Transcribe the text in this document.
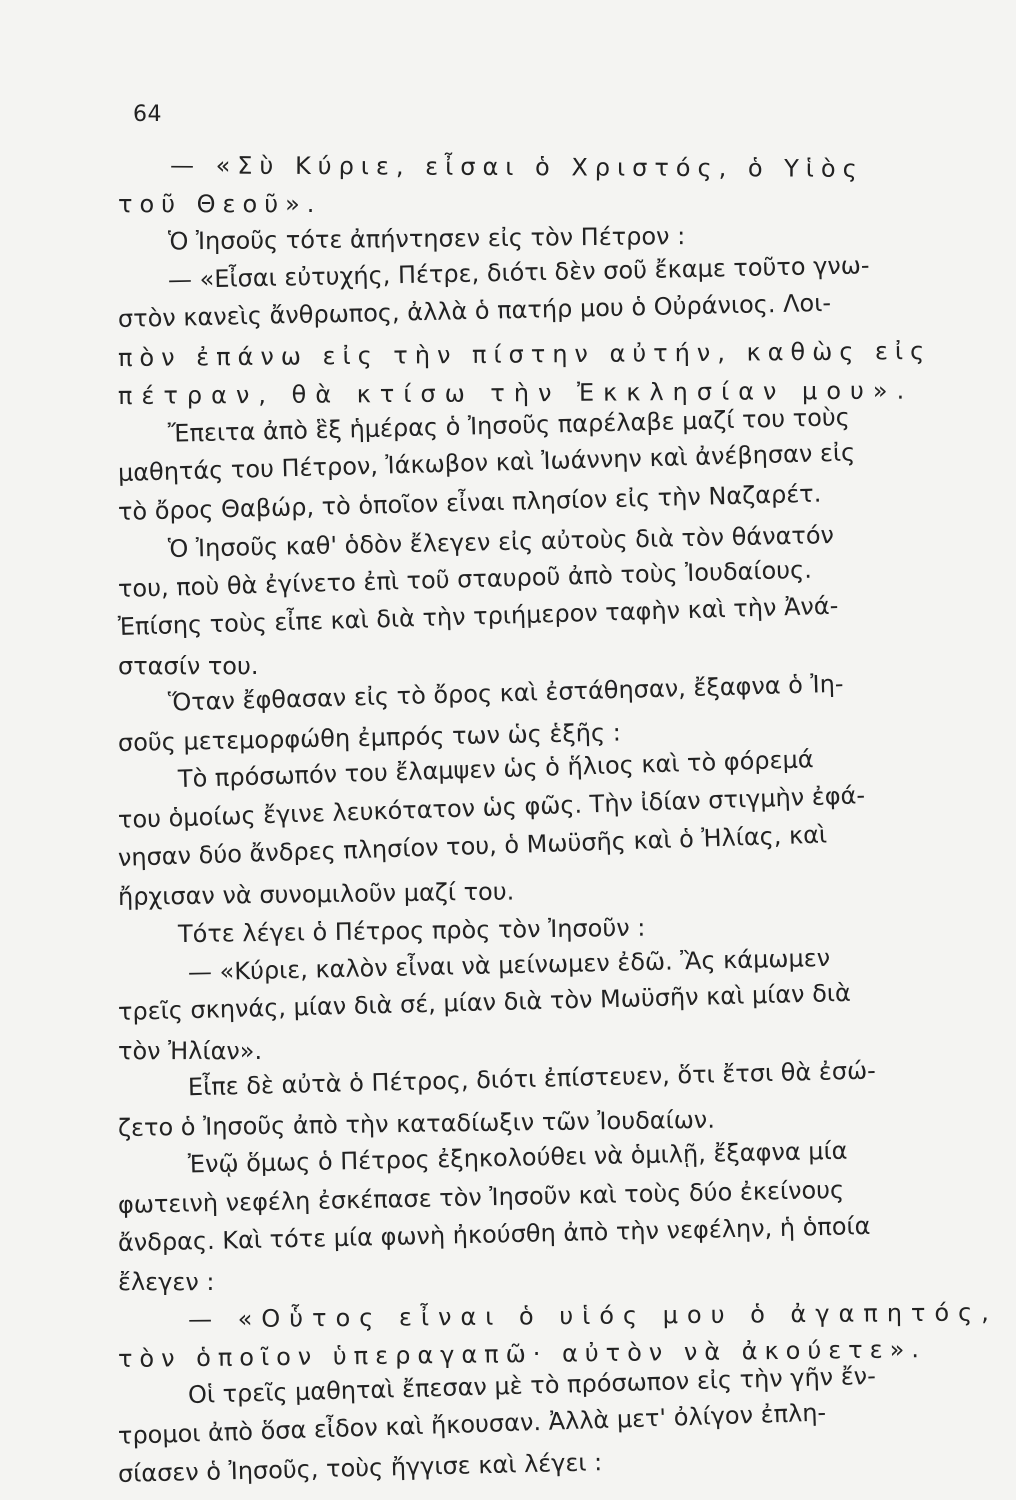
64
— «Σὺ Κύριε, εἶσαι ὁ Χριστός, ὁ Υἱὸς
τοῦ Θεοῦ».
Ὁ Ἰησοῦς τότε ἀπήντησεν εἰς τὸν Πέτρον :
— «Εἶσαι εὐτυχής, Πέτρε, διότι δὲν σοῦ ἔκαμε τοῦτο γνω-
στὸν κανεὶς ἄνθρωπος, ἀλλὰ ὁ πατήρ μου ὁ Οὐράνιος. Λοι-
πὸν ἐπάνω εἰς τὴν πίστην αὐτήν, καθὼς εἰς
πέτραν, θὰ κτίσω τὴν Ἐκκλησίαν μου».
Ἔπειτα ἀπὸ ἓξ ἡμέρας ὁ Ἰησοῦς παρέλαβε μαζί του τοὺς
μαθητάς του Πέτρον, Ἰάκωβον καὶ Ἰωάννην καὶ ἀνέβησαν εἰς
τὸ ὄρος Θαβώρ, τὸ ὁποῖον εἶναι πλησίον εἰς τὴν Ναζαρέτ.
Ὁ Ἰησοῦς καθ' ὁδὸν ἔλεγεν εἰς αὐτοὺς διὰ τὸν θάνατόν
του, ποὺ θὰ ἐγίνετο ἐπὶ τοῦ σταυροῦ ἀπὸ τοὺς Ἰουδαίους.
Ἐπίσης τοὺς εἶπε καὶ διὰ τὴν τριήμερον ταφὴν καὶ τὴν Ἀνά-
στασίν του.
Ὅταν ἔφθασαν εἰς τὸ ὄρος καὶ ἐστάθησαν, ἔξαφνα ὁ Ἰη-
σοῦς μετεμορφώθη ἐμπρός των ὡς ἑξῆς :
Τὸ πρόσωπόν του ἔλαμψεν ὡς ὁ ἥλιος καὶ τὸ φόρεμά
του ὁμοίως ἔγινε λευκότατον ὡς φῶς. Τὴν ἰδίαν στιγμὴν ἐφά-
νησαν δύο ἄνδρες πλησίον του, ὁ Μωϋσῆς καὶ ὁ Ἠλίας, καὶ
ἤρχισαν νὰ συνομιλοῦν μαζί του.
Τότε λέγει ὁ Πέτρος πρὸς τὸν Ἰησοῦν :
— «Κύριε, καλὸν εἶναι νὰ μείνωμεν ἐδῶ. Ἂς κάμωμεν
τρεῖς σκηνάς, μίαν διὰ σέ, μίαν διὰ τὸν Μωϋσῆν καὶ μίαν διὰ
τὸν Ἠλίαν».
Εἶπε δὲ αὐτὰ ὁ Πέτρος, διότι ἐπίστευεν, ὅτι ἔτσι θὰ ἐσώ-
ζετο ὁ Ἰησοῦς ἀπὸ τὴν καταδίωξιν τῶν Ἰουδαίων.
Ἐνῷ ὅμως ὁ Πέτρος ἐξηκολούθει νὰ ὁμιλῇ, ἔξαφνα μία
φωτεινὴ νεφέλη ἐσκέπασε τὸν Ἰησοῦν καὶ τοὺς δύο ἐκείνους
ἄνδρας. Καὶ τότε μία φωνὴ ἠκούσθη ἀπὸ τὴν νεφέλην, ἡ ὁποία
ἔλεγεν :
— «Οὗτος εἶναι ὁ υἱός μου ὁ ἀγαπητός,
τὸν ὁποῖον ὑπεραγαπῶ· αὐτὸν νὰ ἀκούετε».
Οἱ τρεῖς μαθηταὶ ἔπεσαν μὲ τὸ πρόσωπον εἰς τὴν γῆν ἔν-
τρομοι ἀπὸ ὅσα εἶδον καὶ ἤκουσαν. Ἀλλὰ μετ' ὀλίγον ἐπλη-
σίασεν ὁ Ἰησοῦς, τοὺς ἤγγισε καὶ λέγει :
